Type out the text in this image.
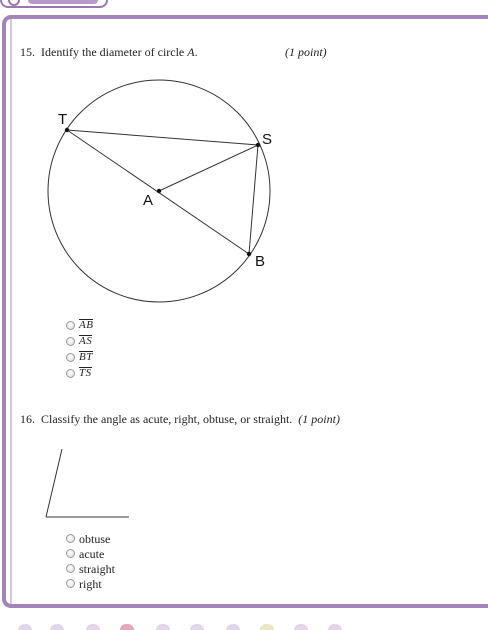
15. Identify the diameter of circle A.	(1 point)
T
S
A
B
AB
AS
BT
TS
16. Classify the angle as acute, right, obtuse, or straight. (1 point)
obtuse
acute
straight
right
